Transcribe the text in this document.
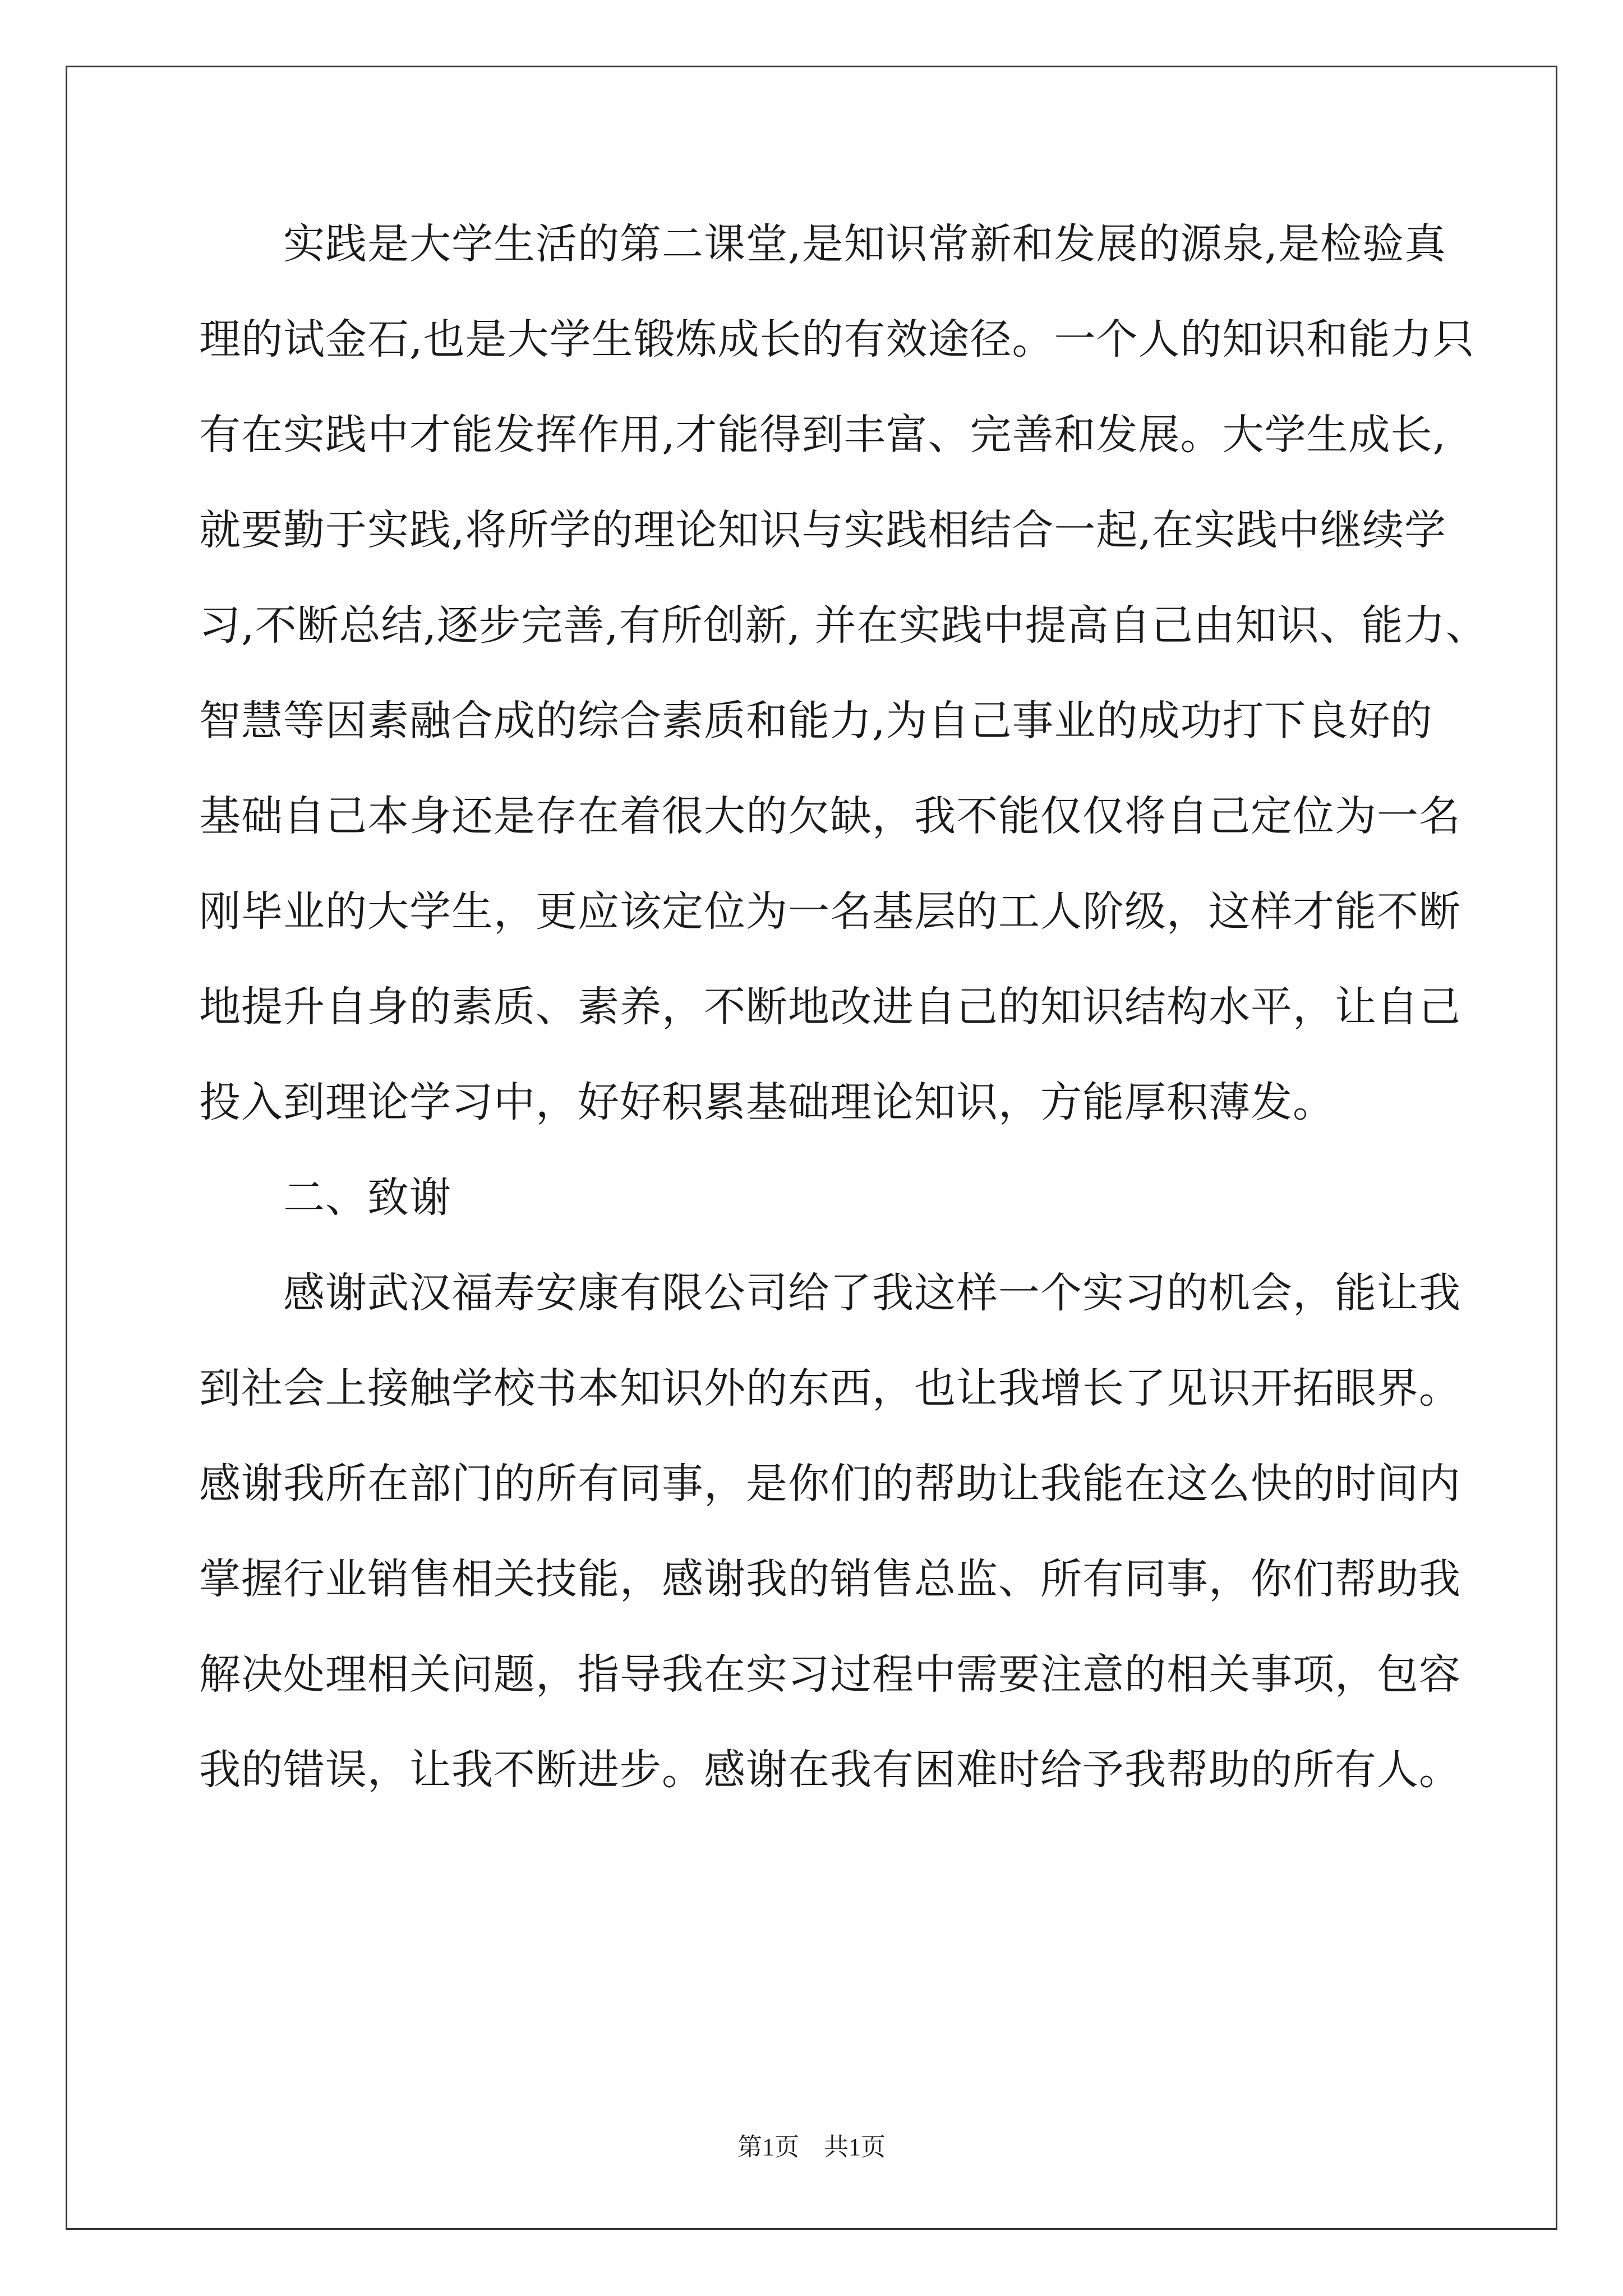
实践是大学生活的第二课堂,是知识常新和发展的源泉,是检验真
理的试金石,也是大学生锻炼成长的有效途径。一个人的知识和能力只
有在实践中才能发挥作用,才能得到丰富、完善和发展。大学生成长,
就要勤于实践,将所学的理论知识与实践相结合一起,在实践中继续学
习,不断总结,逐步完善,有所创新, 并在实践中提高自己由知识、能力、
智慧等因素融合成的综合素质和能力,为自己事业的成功打下良好的
基础自己本身还是存在着很大的欠缺，我不能仅仅将自己定位为一名
刚毕业的大学生，更应该定位为一名基层的工人阶级，这样才能不断
地提升自身的素质、素养，不断地改进自己的知识结构水平，让自己
投入到理论学习中，好好积累基础理论知识，方能厚积薄发。
二、致谢
感谢武汉福寿安康有限公司给了我这样一个实习的机会，能让我
到社会上接触学校书本知识外的东西，也让我增长了见识开拓眼界。
感谢我所在部门的所有同事，是你们的帮助让我能在这么快的时间内
掌握行业销售相关技能，感谢我的销售总监、所有同事，你们帮助我
解决处理相关问题，指导我在实习过程中需要注意的相关事项，包容
我的错误，让我不断进步。感谢在我有困难时给予我帮助的所有人。
第1页　共1页
